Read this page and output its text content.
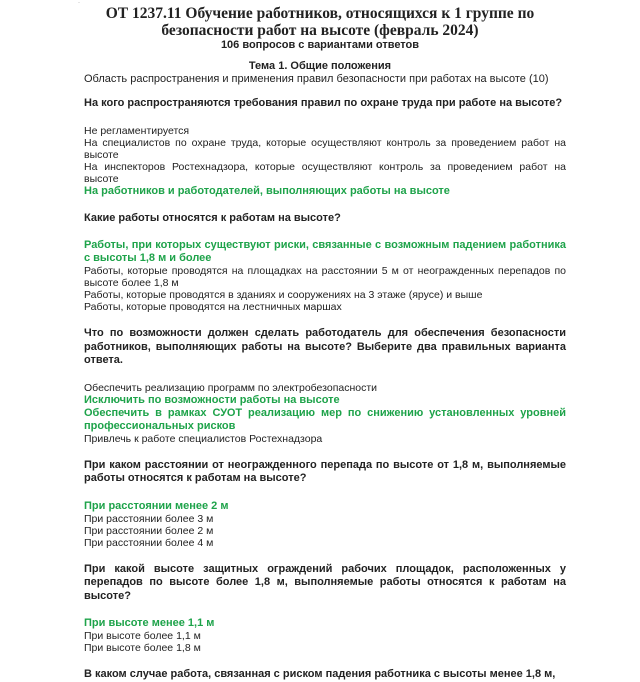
·
ОТ 1237.11 Обучение работников, относящихся к 1 группе по безопасности работ на высоте (февраль 2024)
106 вопросов с вариантами ответов
Тема 1. Общие положения
Область распространения и применения правил безопасности при работах на высоте (10)
На кого распространяются требования правил по охране труда при работе на высоте?
Не регламентируется
На специалистов по охране труда, которые осуществляют контроль за проведением работ на высоте
На инспекторов Ростехнадзора, которые осуществляют контроль за проведением работ на высоте
На работников и работодателей, выполняющих работы на высоте
Какие работы относятся к работам на высоте?
Работы, при которых существуют риски, связанные с возможным падением работника с высоты 1,8 м и более
Работы, которые проводятся на площадках на расстоянии 5 м от неогражденных перепадов по высоте более 1,8 м
Работы, которые проводятся в зданиях и сооружениях на 3 этаже (ярусе) и выше
Работы, которые проводятся на лестничных маршах
Что по возможности должен сделать работодатель для обеспечения безопасности работников, выполняющих работы на высоте? Выберите два правильных варианта ответа.
Обеспечить реализацию программ по электробезопасности
Исключить по возможности работы на высоте
Обеспечить в рамках СУОТ реализацию мер по снижению установленных уровней профессиональных рисков
Привлечь к работе специалистов Ростехнадзора
При каком расстоянии от неогражденного перепада по высоте от 1,8 м, выполняемые работы относятся к работам на высоте?
При расстоянии менее 2 м
При расстоянии более 3 м
При расстоянии более 2 м
При расстоянии более 4 м
При какой высоте защитных ограждений рабочих площадок, расположенных у перепадов по высоте более 1,8 м, выполняемые работы относятся к работам на высоте?
При высоте менее 1,1 м
При высоте более 1,1 м
При высоте более 1,8 м
В каком случае работа, связанная с риском падения работника с высоты менее 1,8 м,
